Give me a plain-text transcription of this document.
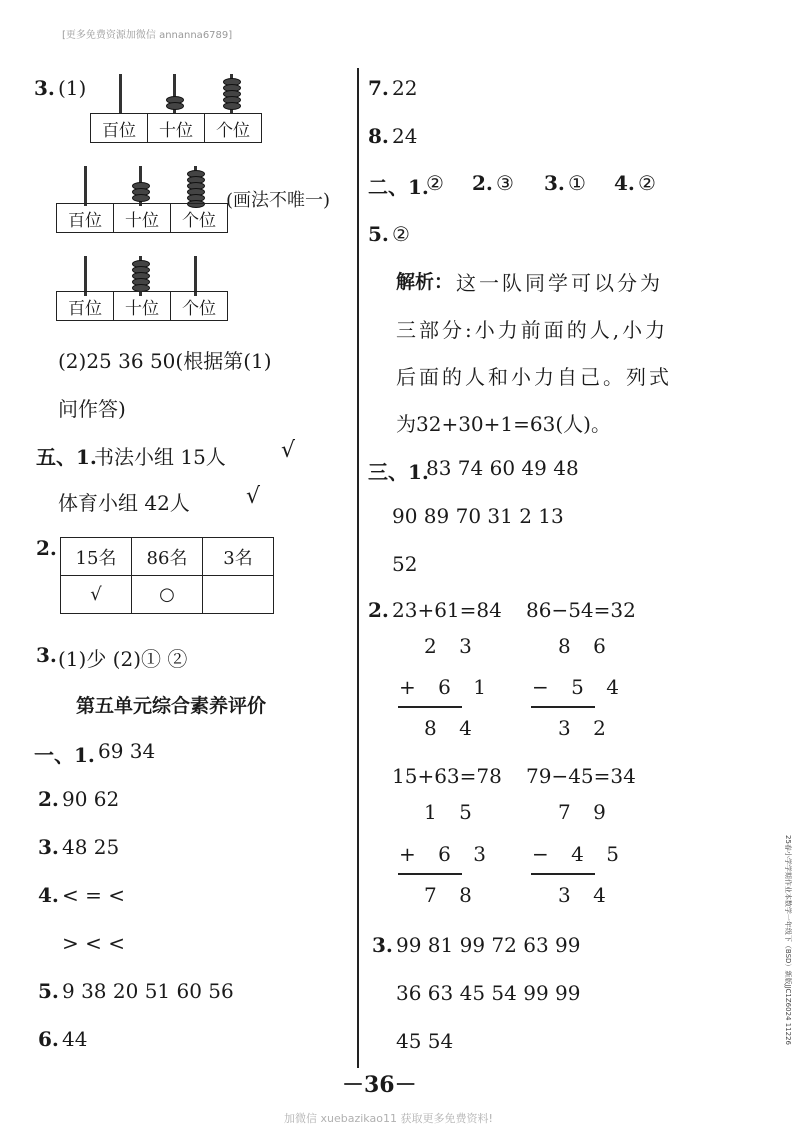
[更多免费资源加微信 annanna6789]
25春小学学期作业本数学一年级下（BSD）新版JJC1Z6024 11226
3. (1)
百位	十位	个位
百位	十位	个位
(画法不唯一)
百位	十位	个位
(2)25 36 50(根据第(1)
问作答)
五、1.
书法小组 15人	√
体育小组 42人	√
2. 15名	86名	3名
√	○	
3. (1)少 (2)① ②
第五单元综合素养评价
一、1. 69 34
2. 90 62
3. 48 25
4. < = <
> < <
5. 9 38 20 51 60 56
6. 44
7. 22
8. 24
二、1.
② 2. ③ 3. ① 4. ②
5. ②
解析： 这一队同学可以分为
三部分:小力前面的人,小力
后面的人和小力自己。列式
为32+30+1=63(人)。
三、1.
83 74 60 49 48
90 89 70 31 2 13
52
2. 23+61=84 86−54=32
2 3
+ 6 1
8 4
8 6
− 5 4
3 2
15+63=78 79−45=34
1 5
+ 6 3
7 8
7 9
− 4 5
3 4
3. 99 81 99 72 63 99
36 63 45 54 99 99
45 54
－36－
加微信 xuebazikao11 获取更多免费资料!
